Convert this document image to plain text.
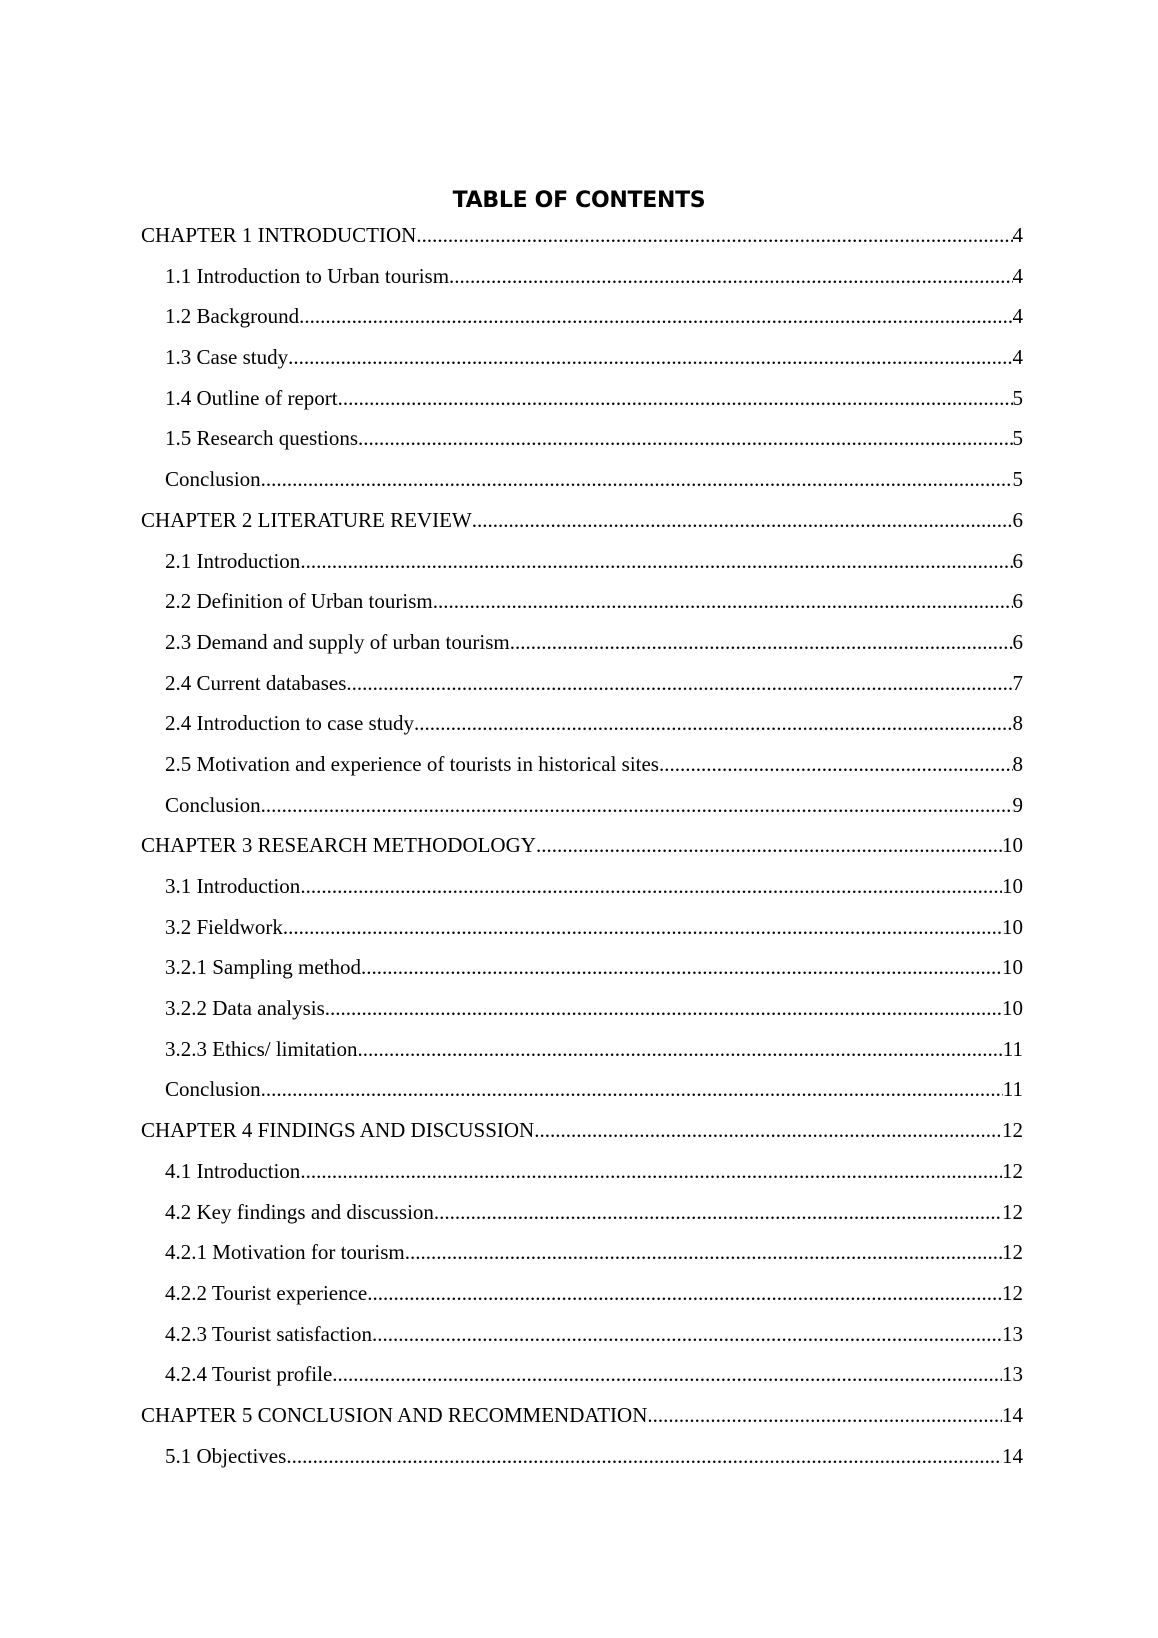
TABLE OF CONTENTS
CHAPTER 1 INTRODUCTION .....	4
1.1 Introduction to Urban tourism .....	4
1.2 Background .....	4
1.3 Case study .....	4
1.4 Outline of report .....	5
1.5 Research questions .....	5
Conclusion .....	5
CHAPTER 2 LITERATURE REVIEW .....	6
2.1 Introduction .....	6
2.2 Definition of Urban tourism .....	6
2.3 Demand and supply of urban tourism .....	6
2.4 Current databases .....	7
2.4 Introduction to case study .....	8
2.5 Motivation and experience of tourists in historical sites .....	8
Conclusion .....	9
CHAPTER 3 RESEARCH METHODOLOGY .....	10
3.1 Introduction .....	10
3.2 Fieldwork .....	10
3.2.1 Sampling method .....	10
3.2.2 Data analysis .....	10
3.2.3 Ethics/ limitation .....	11
Conclusion .....	11
CHAPTER 4 FINDINGS AND DISCUSSION .....	12
4.1 Introduction .....	12
4.2 Key findings and discussion .....	12
4.2.1 Motivation for tourism .....	12
4.2.2 Tourist experience .....	12
4.2.3 Tourist satisfaction .....	13
4.2.4 Tourist profile .....	13
CHAPTER 5 CONCLUSION AND RECOMMENDATION .....	14
5.1 Objectives .....	14
